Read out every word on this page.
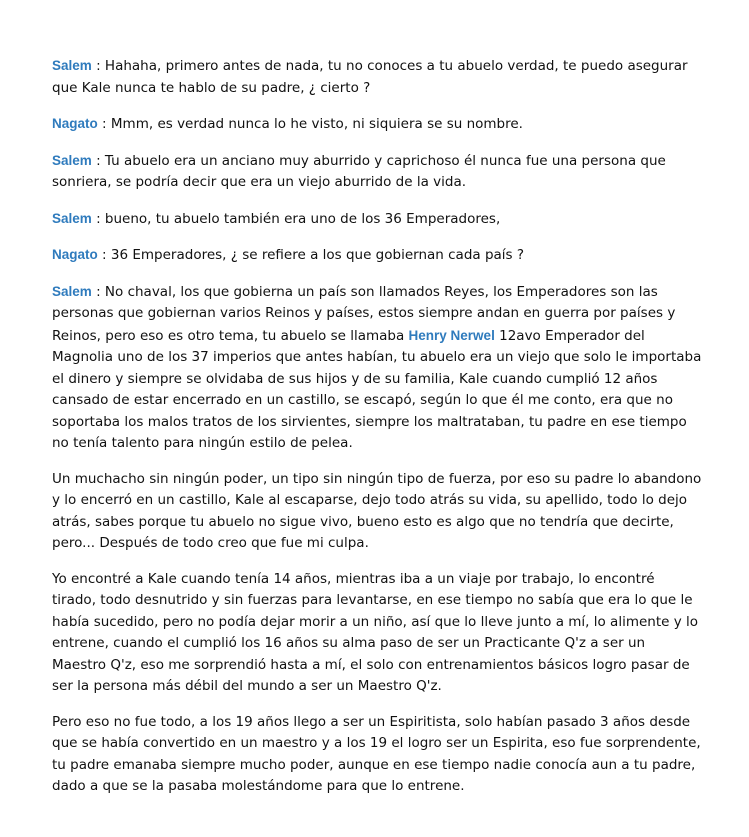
Salem : Hahaha, primero antes de nada, tu no conoces a tu abuelo verdad, te puedo asegurar que Kale nunca te hablo de su padre, ¿ cierto ?

Nagato : Mmm, es verdad nunca lo he visto, ni siquiera se su nombre.

Salem : Tu abuelo era un anciano muy aburrido y caprichoso él nunca fue una persona que sonriera, se podría decir que era un viejo aburrido de la vida.

Salem : bueno, tu abuelo también era uno de los 36 Emperadores,

Nagato : 36 Emperadores, ¿ se refiere a los que gobiernan cada país ?

Salem : No chaval, los que gobierna un país son llamados Reyes, los Emperadores son las personas que gobiernan varios Reinos y países, estos siempre andan en guerra por países y Reinos, pero eso es otro tema, tu abuelo se llamaba Henry Nerwel 12avo Emperador del Magnolia uno de los 37 imperios que antes habían, tu abuelo era un viejo que solo le importaba el dinero y siempre se olvidaba de sus hijos y de su familia, Kale cuando cumplió 12 años cansado de estar encerrado en un castillo, se escapó, según lo que él me conto, era que no soportaba los malos tratos de los sirvientes, siempre los maltrataban, tu padre en ese tiempo no tenía talento para ningún estilo de pelea.

Un muchacho sin ningún poder, un tipo sin ningún tipo de fuerza, por eso su padre lo abandono y lo encerró en un castillo, Kale al escaparse, dejo todo atrás su vida, su apellido, todo lo dejo atrás, sabes porque tu abuelo no sigue vivo, bueno esto es algo que no tendría que decirte, pero... Después de todo creo que fue mi culpa.

Yo encontré a Kale cuando tenía 14 años, mientras iba a un viaje por trabajo, lo encontré tirado, todo desnutrido y sin fuerzas para levantarse, en ese tiempo no sabía que era lo que le había sucedido, pero no podía dejar morir a un niño, así que lo lleve junto a mí, lo alimente y lo entrene, cuando el cumplió los 16 años su alma paso de ser un Practicante Q'z a ser un Maestro Q'z, eso me sorprendió hasta a mí, el solo con entrenamientos básicos logro pasar de ser la persona más débil del mundo a ser un Maestro Q'z.

Pero eso no fue todo, a los 19 años llego a ser un Espiritista, solo habían pasado 3 años desde que se había convertido en un maestro y a los 19 el logro ser un Espirita, eso fue sorprendente, tu padre emanaba siempre mucho poder, aunque en ese tiempo nadie conocía aun a tu padre, dado a que se la pasaba molestándome para que lo entrene.
